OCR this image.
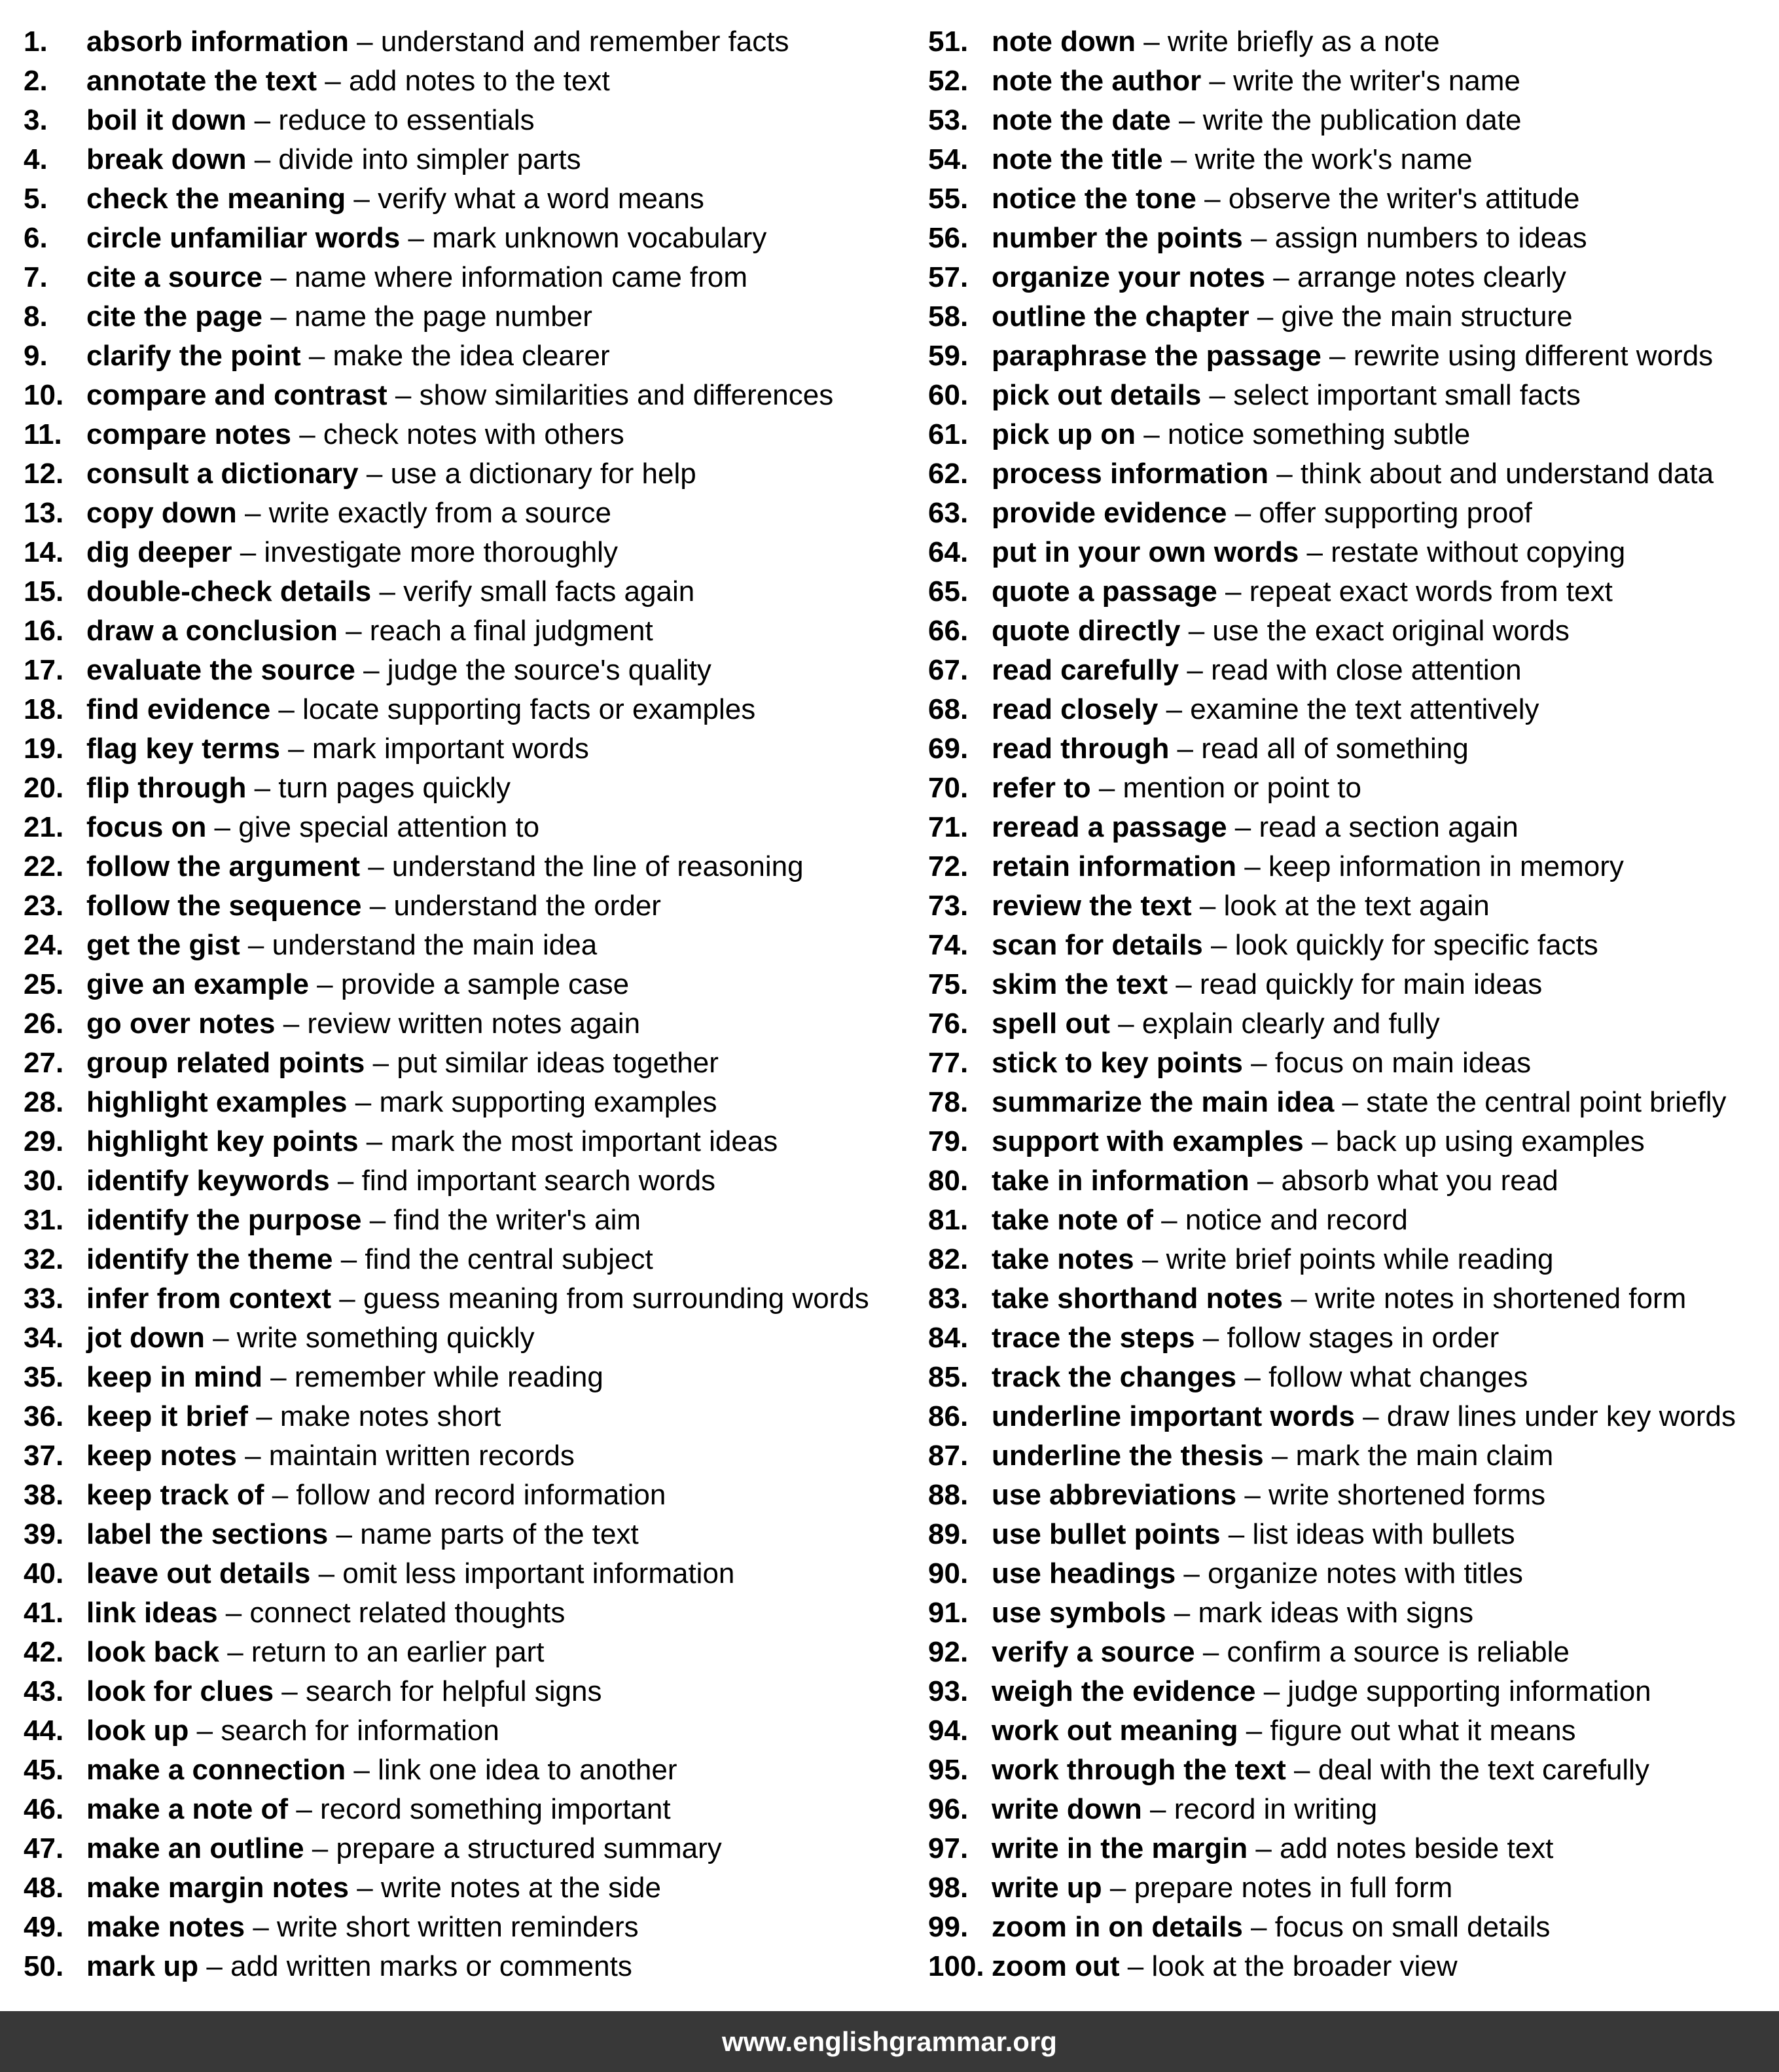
1. absorb information – understand and remember facts
2. annotate the text – add notes to the text
3. boil it down – reduce to essentials
4. break down – divide into simpler parts
5. check the meaning – verify what a word means
6. circle unfamiliar words – mark unknown vocabulary
7. cite a source – name where information came from
8. cite the page – name the page number
9. clarify the point – make the idea clearer
10. compare and contrast – show similarities and differences
11. compare notes – check notes with others
12. consult a dictionary – use a dictionary for help
13. copy down – write exactly from a source
14. dig deeper – investigate more thoroughly
15. double-check details – verify small facts again
16. draw a conclusion – reach a final judgment
17. evaluate the source – judge the source's quality
18. find evidence – locate supporting facts or examples
19. flag key terms – mark important words
20. flip through – turn pages quickly
21. focus on – give special attention to
22. follow the argument – understand the line of reasoning
23. follow the sequence – understand the order
24. get the gist – understand the main idea
25. give an example – provide a sample case
26. go over notes – review written notes again
27. group related points – put similar ideas together
28. highlight examples – mark supporting examples
29. highlight key points – mark the most important ideas
30. identify keywords – find important search words
31. identify the purpose – find the writer's aim
32. identify the theme – find the central subject
33. infer from context – guess meaning from surrounding words
34. jot down – write something quickly
35. keep in mind – remember while reading
36. keep it brief – make notes short
37. keep notes – maintain written records
38. keep track of – follow and record information
39. label the sections – name parts of the text
40. leave out details – omit less important information
41. link ideas – connect related thoughts
42. look back – return to an earlier part
43. look for clues – search for helpful signs
44. look up – search for information
45. make a connection – link one idea to another
46. make a note of – record something important
47. make an outline – prepare a structured summary
48. make margin notes – write notes at the side
49. make notes – write short written reminders
50. mark up – add written marks or comments
51. note down – write briefly as a note
52. note the author – write the writer's name
53. note the date – write the publication date
54. note the title – write the work's name
55. notice the tone – observe the writer's attitude
56. number the points – assign numbers to ideas
57. organize your notes – arrange notes clearly
58. outline the chapter – give the main structure
59. paraphrase the passage – rewrite using different words
60. pick out details – select important small facts
61. pick up on – notice something subtle
62. process information – think about and understand data
63. provide evidence – offer supporting proof
64. put in your own words – restate without copying
65. quote a passage – repeat exact words from text
66. quote directly – use the exact original words
67. read carefully – read with close attention
68. read closely – examine the text attentively
69. read through – read all of something
70. refer to – mention or point to
71. reread a passage – read a section again
72. retain information – keep information in memory
73. review the text – look at the text again
74. scan for details – look quickly for specific facts
75. skim the text – read quickly for main ideas
76. spell out – explain clearly and fully
77. stick to key points – focus on main ideas
78. summarize the main idea – state the central point briefly
79. support with examples – back up using examples
80. take in information – absorb what you read
81. take note of – notice and record
82. take notes – write brief points while reading
83. take shorthand notes – write notes in shortened form
84. trace the steps – follow stages in order
85. track the changes – follow what changes
86. underline important words – draw lines under key words
87. underline the thesis – mark the main claim
88. use abbreviations – write shortened forms
89. use bullet points – list ideas with bullets
90. use headings – organize notes with titles
91. use symbols – mark ideas with signs
92. verify a source – confirm a source is reliable
93. weigh the evidence – judge supporting information
94. work out meaning – figure out what it means
95. work through the text – deal with the text carefully
96. write down – record in writing
97. write in the margin – add notes beside text
98. write up – prepare notes in full form
99. zoom in on details – focus on small details
100. zoom out – look at the broader view
www.englishgrammar.org
